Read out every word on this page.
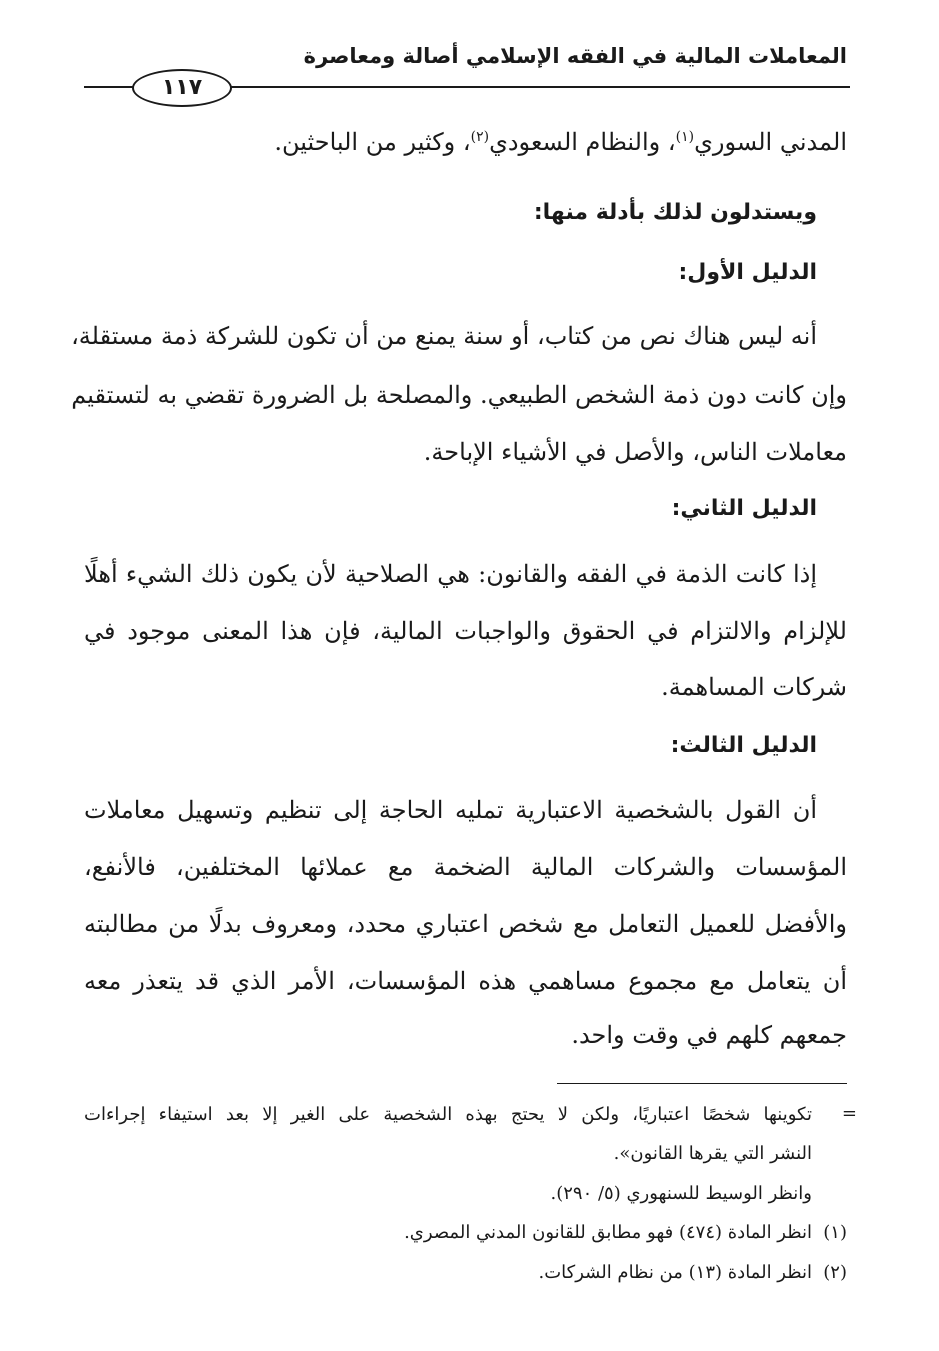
المعاملات المالية في الفقه الإسلامي أصالة ومعاصرة
١١٧
المدني السوري$^{(١)}$، والنظام السعودي$^{(٢)}$، وكثير من الباحثين.
ويستدلون لذلك بأدلة منها:
الدليل الأول:
أنه ليس هناك نص من كتاب، أو سنة يمنع من أن تكون للشركة ذمة مستقلة،
وإن كانت دون ذمة الشخص الطبيعي. والمصلحة بل الضرورة تقضي به لتستقيم
معاملات الناس، والأصل في الأشياء الإباحة.
الدليل الثاني:
إذا كانت الذمة في الفقه والقانون: هي الصلاحية لأن يكون ذلك الشيء أهلًا
للإلزام والالتزام في الحقوق والواجبات المالية، فإن هذا المعنى موجود في
شركات المساهمة.
الدليل الثالث:
أن القول بالشخصية الاعتبارية تمليه الحاجة إلى تنظيم وتسهيل معاملات
المؤسسات والشركات المالية الضخمة مع عملائها المختلفين، فالأنفع،
والأفضل للعميل التعامل مع شخص اعتباري محدد، ومعروف بدلًا من مطالبته
أن يتعامل مع مجموع مساهمي هذه المؤسسات، الأمر الذي قد يتعذر معه
جمعهم كلهم في وقت واحد.
=
تكوينها شخصًا اعتباريًا، ولكن لا يحتج بهذه الشخصية على الغير إلا بعد استيفاء إجراءات
النشر التي يقرها القانون».
وانظر الوسيط للسنهوري (٥/ ٢٩٠).
(١)
انظر المادة (٤٧٤) فهو مطابق للقانون المدني المصري.
(٢)
انظر المادة (١٣) من نظام الشركات.
